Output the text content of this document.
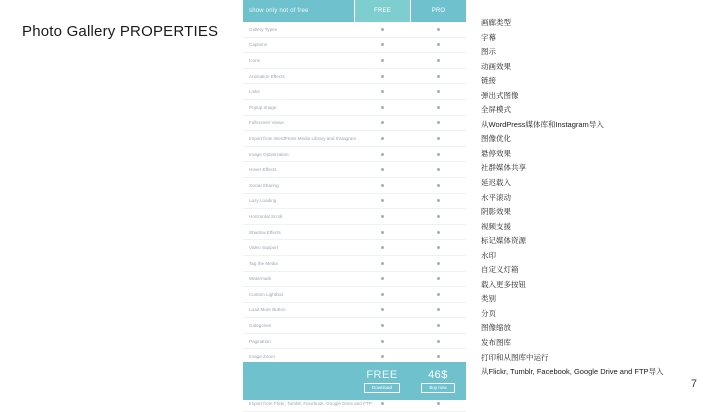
Photo Gallery PROPERTIES
show only not of free	FREE	PRO
Gallery Types
Captions
Icons
Animation Effects
Links
Popup Image
Fullscreen Views
Import from WordPress Media Library and Instagram
Image Optimization
Hover Effects
Social Sharing
Lazy Loading
Horizontal Scroll
Shadow Effects
Video Support
Tag the Media
Watermark
Custom Lightbox
Load More Button
Categories
Pagination
Image Zoom
Import from Flickr, Tumblr, Facebook, Google Drive and FTP
FREE
Download
46$
Buy now
画廊类型
字幕
图示
动画效果
链接
弹出式图像
全屏模式
从WordPress媒体库和Instagram导入
图像优化
悬停效果
社群媒体共享
延迟载入
水平滚动
阴影效果
视频支援
标记媒体资源
水印
自定义灯箱
载入更多按钮
类别
分页
图像缩放
发布图库
打印和从图库中运行
从Flickr, Tumblr, Facebook, Google Drive and FTP导入
7
